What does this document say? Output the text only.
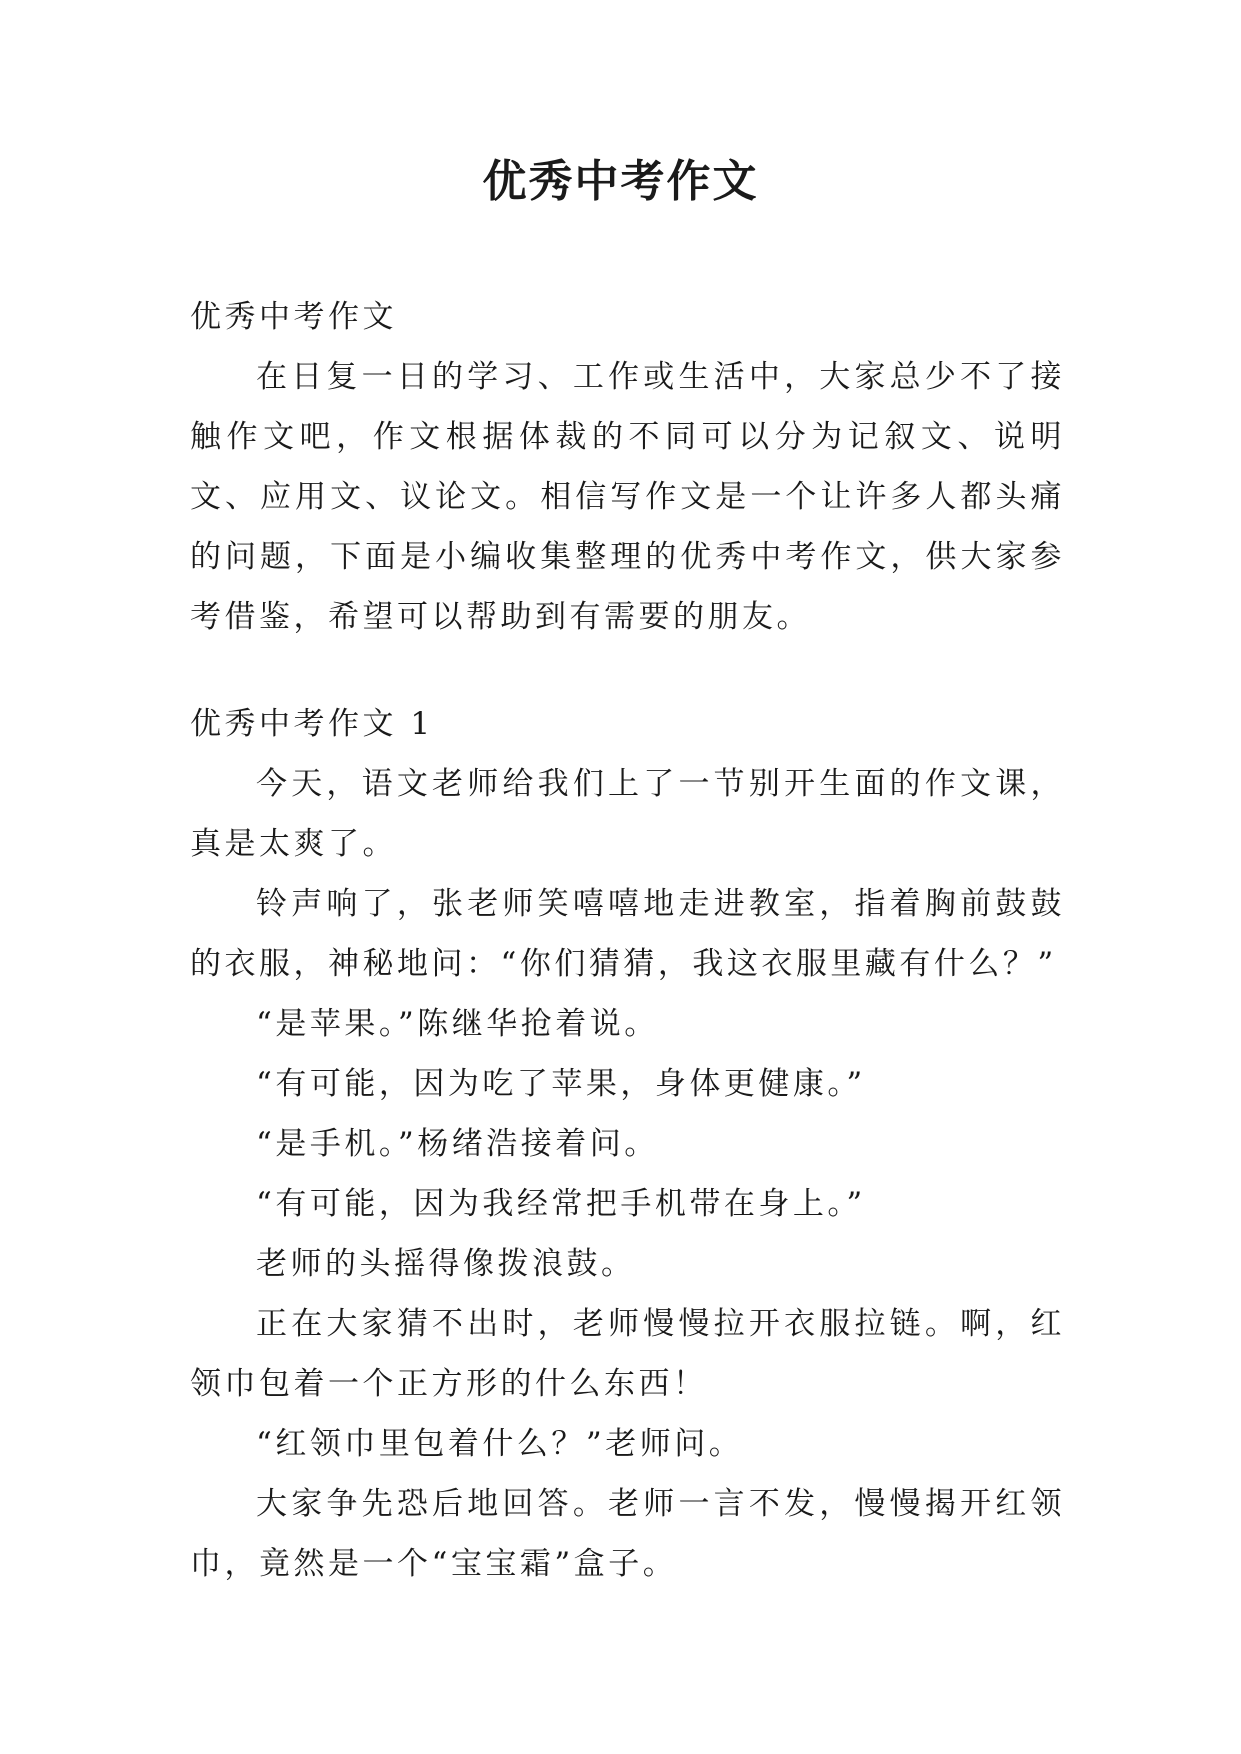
优秀中考作文

优秀中考作文

在日复一日的学习、工作或生活中，大家总少不了接触作文吧，作文根据体裁的不同可以分为记叙文、说明文、应用文、议论文。相信写作文是一个让许多人都头痛的问题，下面是小编收集整理的优秀中考作文，供大家参考借鉴，希望可以帮助到有需要的朋友。

优秀中考作文 1

今天，语文老师给我们上了一节别开生面的作文课，真是太爽了。

铃声响了，张老师笑嘻嘻地走进教室，指着胸前鼓鼓的衣服，神秘地问：“你们猜猜，我这衣服里藏有什么？”

“是苹果。”陈继华抢着说。

“有可能，因为吃了苹果，身体更健康。”

“是手机。”杨绪浩接着问。

“有可能，因为我经常把手机带在身上。”

老师的头摇得像拨浪鼓。

正在大家猜不出时，老师慢慢拉开衣服拉链。啊，红领巾包着一个正方形的什么东西！

“红领巾里包着什么？”老师问。

大家争先恐后地回答。老师一言不发，慢慢揭开红领巾，竟然是一个“宝宝霜”盒子。
